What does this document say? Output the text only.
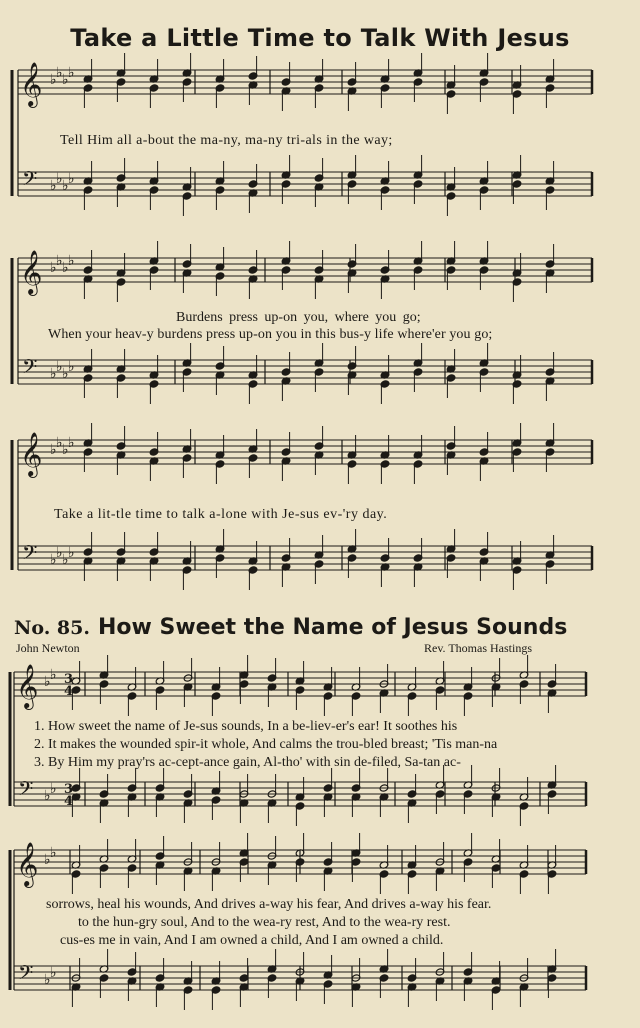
𝄞
𝄢
♭ ♭ ♭ ♭
♭ ♭ ♭ ♭
𝄞
𝄢
♭ ♭ ♭ ♭
♭ ♭ ♭ ♭
𝄞
𝄢
♭ ♭ ♭ ♭
♭ ♭ ♭ ♭
𝄞
𝄢
♭ ♭
♭ ♭
𝄞
𝄢
♭ ♭
♭ ♭
3
4
3
4
Take a Little Time to Talk With Jesus
Tell Him all a-bout the ma-ny, ma-ny tri-als in the way;
Burdens press up-on you, where you go;
When your heav-y burdens press up-on you in this bus-y life where'er you go;
Take a lit-tle time to talk a-lone with Je-sus ev-'ry day.
No. 85. How Sweet the Name of Jesus Sounds
John Newton	Rev. Thomas Hastings
1. How sweet the name of Je-sus sounds, In a be-liev-er's ear! It soothes his
2. It makes the wounded spir-it whole, And calms the trou-bled breast; 'Tis man-na
3. By Him my pray'rs ac-cept-ance gain, Al-tho' with sin de-filed, Sa-tan ac-
sorrows, heal his wounds, And drives a-way his fear, And drives a-way his fear.
to the hun-gry soul, And to the wea-ry rest, And to the wea-ry rest.
cus-es me in vain, And I am owned a child, And I am owned a child.
